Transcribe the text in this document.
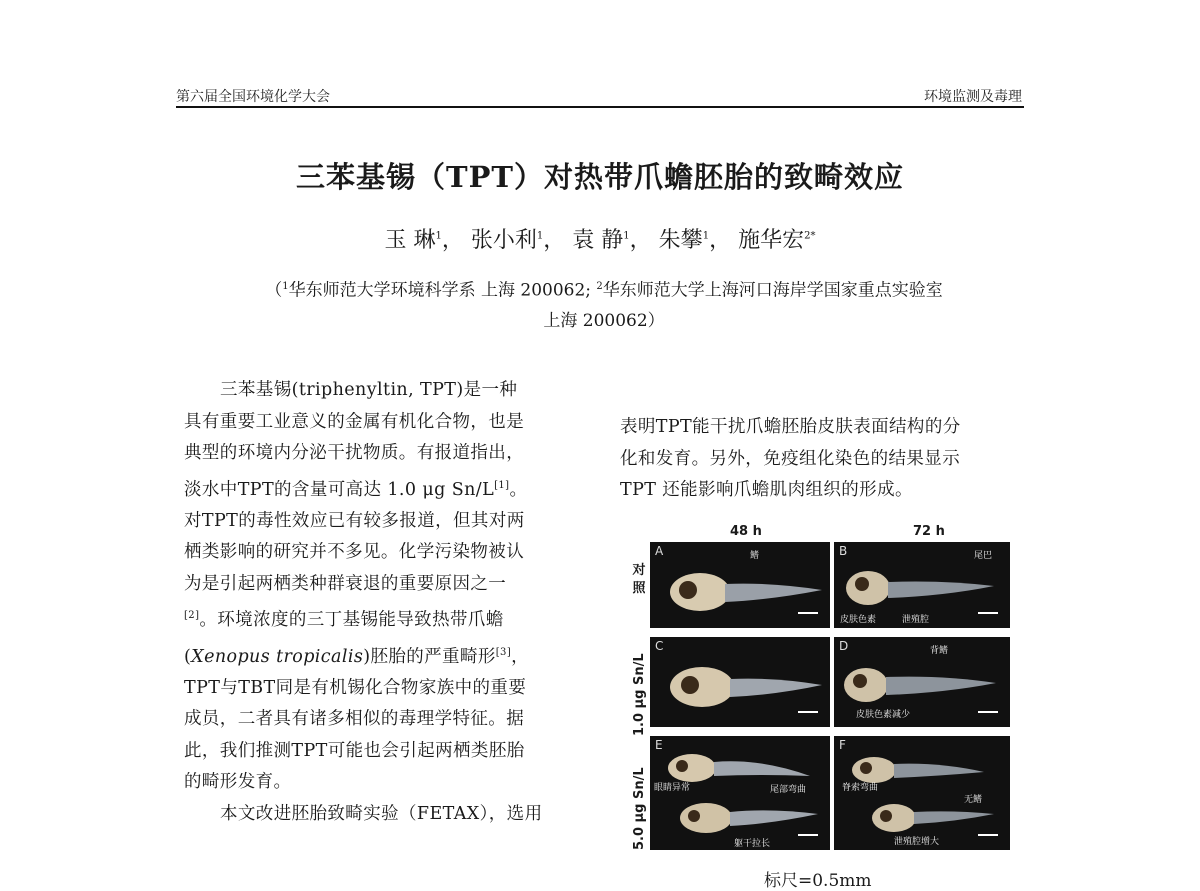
第六届全国环境化学大会	环境监测及毒理
三苯基锡（TPT）对热带爪蟾胚胎的致畸效应
玉 琳$^1$， 张小利$^1$， 袁 静$^1$， 朱攀$^1$， 施华宏$^{2*}$
（$^1$华东师范大学环境科学系 上海 200062; $^2$华东师范大学上海河口海岸学国家重点实验室
上海 200062）

三苯基锡(triphenyltin, TPT)是一种

具有重要工业意义的金属有机化合物，也是

典型的环境内分泌干扰物质。有报道指出，

淡水中TPT的含量可高达 1.0 μg Sn/L[1]。

对TPT的毒性效应已有较多报道，但其对两

栖类影响的研究并不多见。化学污染物被认

为是引起两栖类种群衰退的重要原因之一

[2]。环境浓度的三丁基锡能导致热带爪蟾

(Xenopus tropicalis)胚胎的严重畸形[3]，

TPT与TBT同是有机锡化合物家族中的重要

成员，二者具有诸多相似的毒理学特征。据

此，我们推测TPT可能也会引起两栖类胚胎

的畸形发育。

本文改进胚胎致畸实验（FETAX），选用

表明TPT能干扰爪蟾胚胎皮肤表面结构的分

化和发育。另外，免疫组化染色的结果显示

TPT 还能影响爪蟾肌肉组织的形成。

48 h	72 h
对照
1.0 μg Sn/L
5.0 μg Sn/L
A	鳍	B	尾巴
皮肤色素	泄殖腔
C	D	背鳍
皮肤色素减少
E
眼睛异常	尾部弯曲
躯干拉长
F
脊索弯曲
无鳍
泄殖腔增大
标尺=0.5mm
